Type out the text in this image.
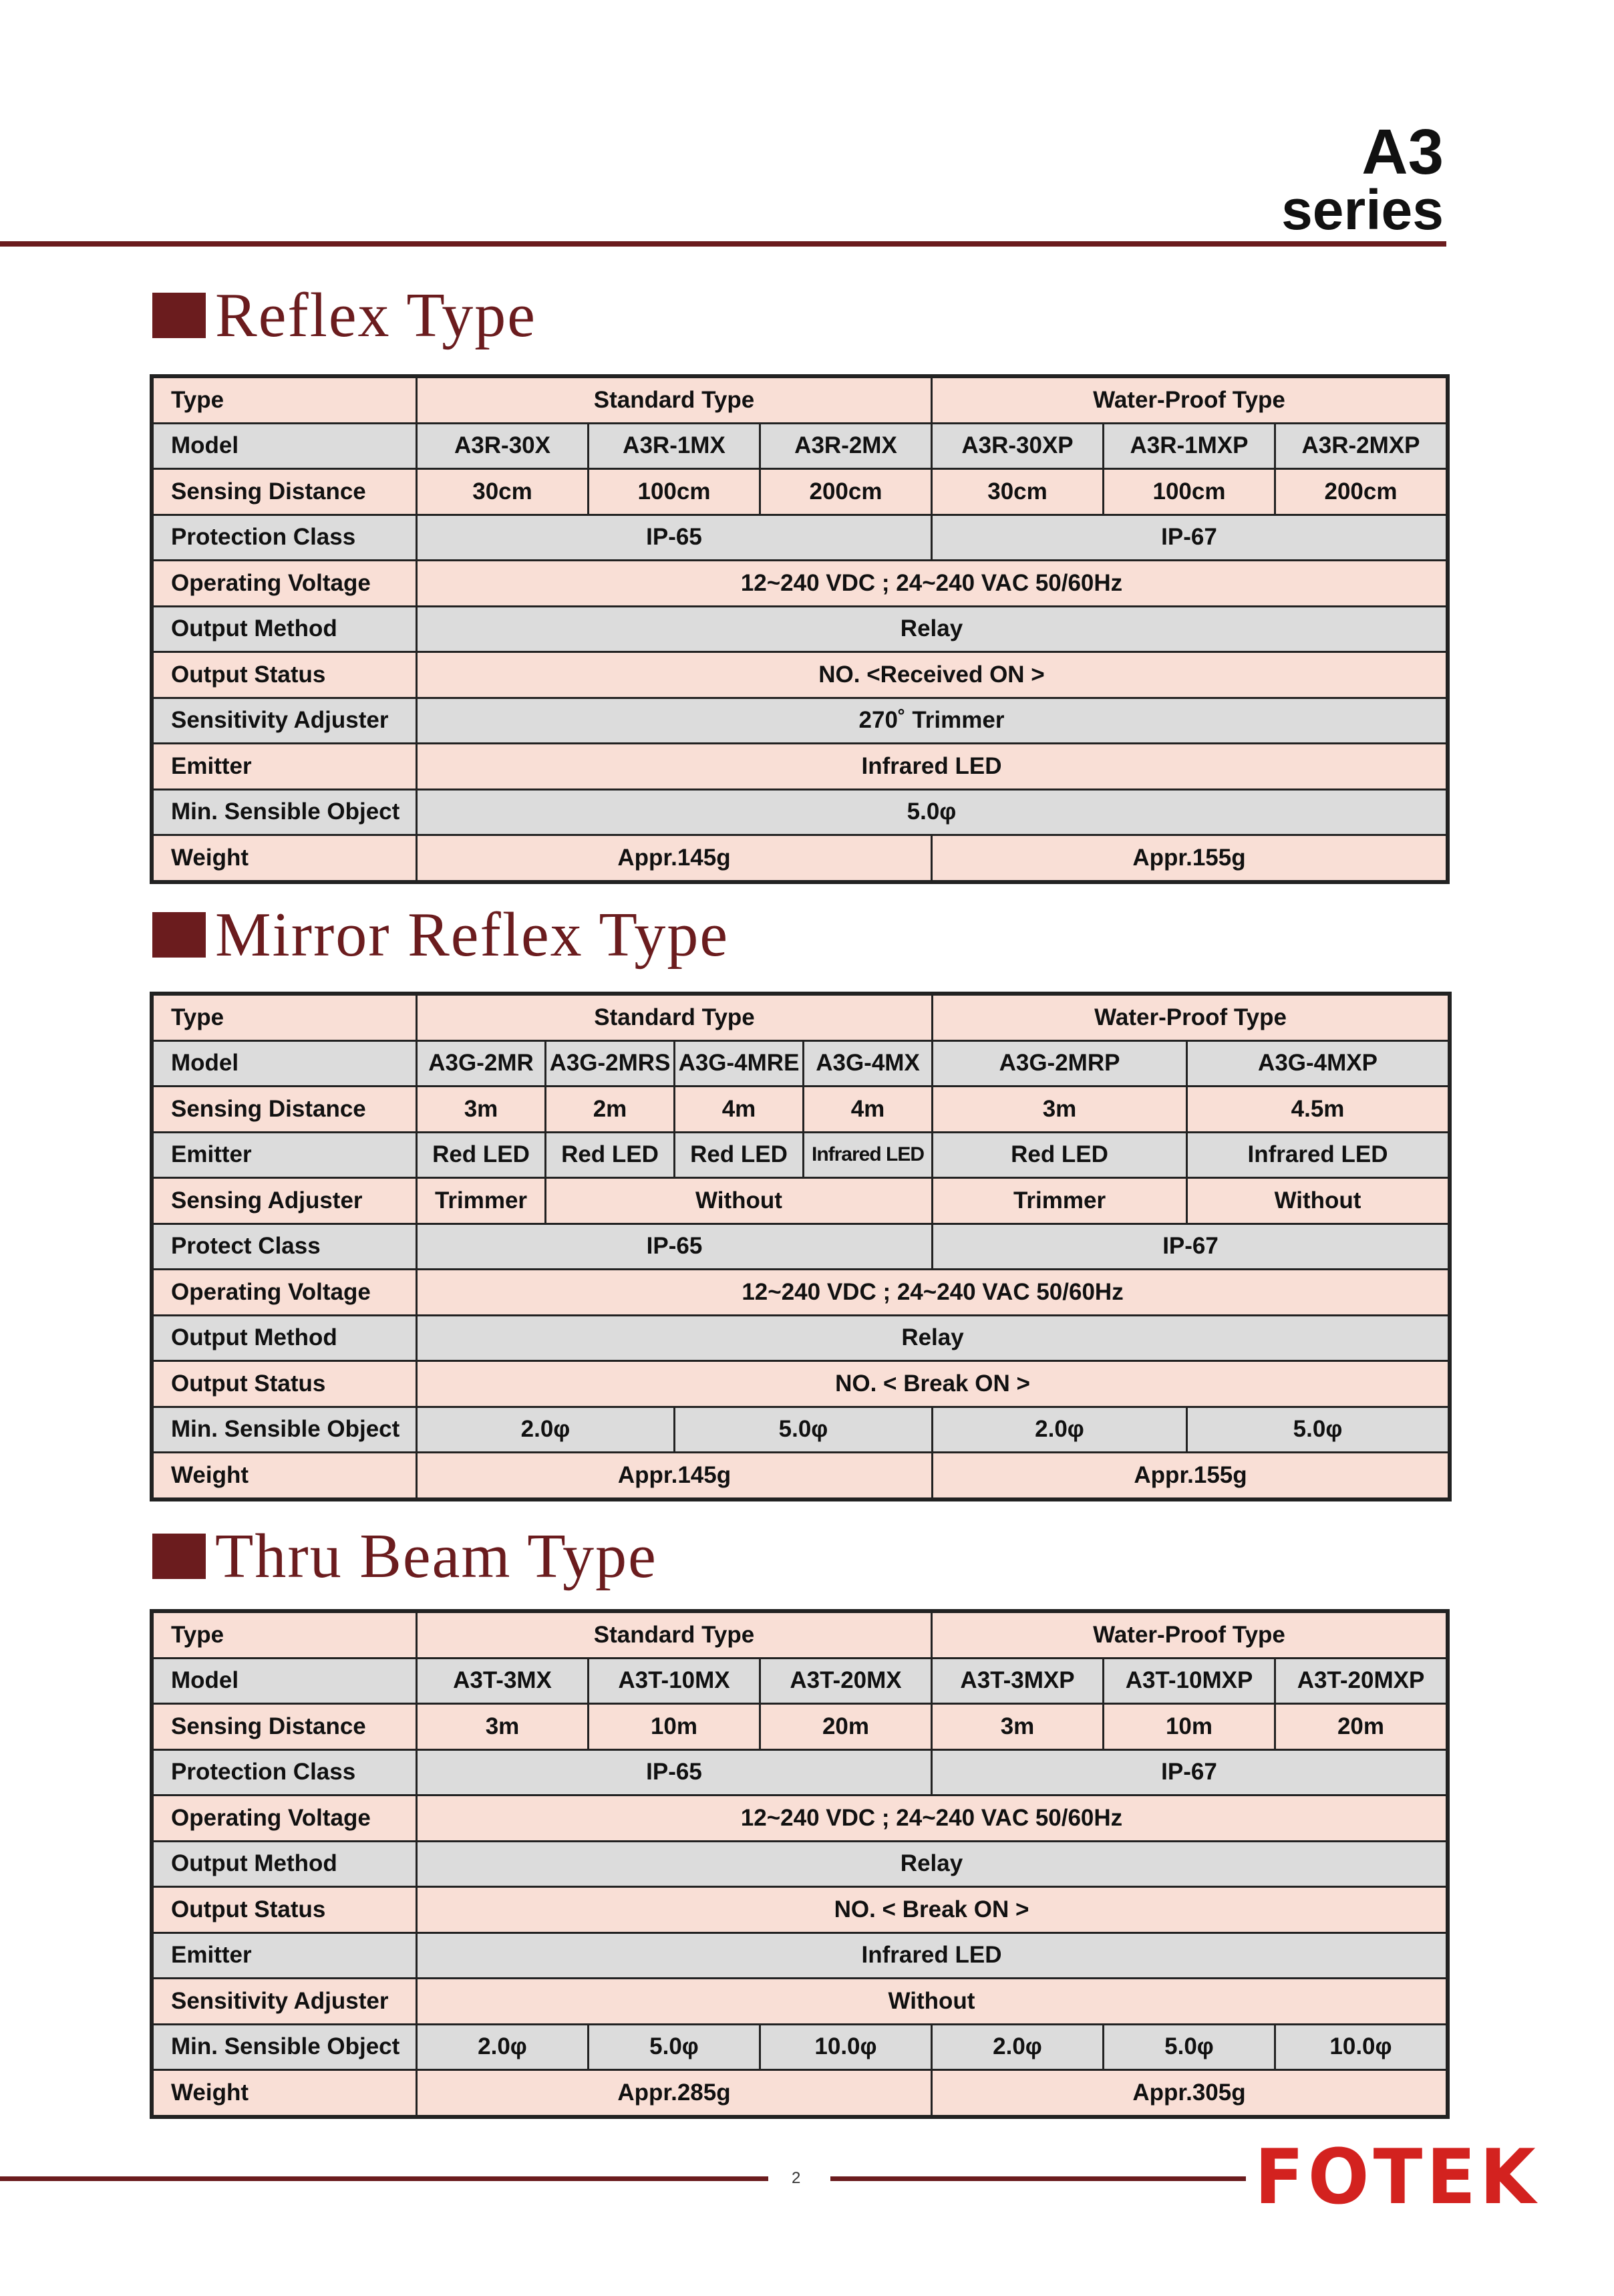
A3
series
Reflex Type
Type	Standard Type			Water-Proof Type		
Model	A3R-30X	A3R-1MX	A3R-2MX	A3R-30XP	A3R-1MXP	A3R-2MXP
Sensing Distance	30cm	100cm	200cm	30cm	100cm	200cm
Protection Class	IP-65			IP-67		
Operating Voltage	12~240 VDC ; 24~240 VAC 50/60Hz					
Output Method	Relay					
Output Status	NO. <Received ON >					
Sensitivity Adjuster	270˚ Trimmer					
Emitter	Infrared LED					
Min. Sensible Object	5.0φ					
Weight	Appr.145g			Appr.155g		
Mirror Reflex Type
Type	Standard Type				Water-Proof Type	
Model	A3G-2MR	A3G-2MRS	A3G-4MRE	A3G-4MX	A3G-2MRP	A3G-4MXP
Sensing Distance	3m	2m	4m	4m	3m	4.5m
Emitter	Red LED	Red LED	Red LED	Infrared LED	Red LED	Infrared LED
Sensing Adjuster	Trimmer	Without			Trimmer	Without
Protect Class	IP-65				IP-67	
Operating Voltage	12~240 VDC ; 24~240 VAC 50/60Hz					
Output Method	Relay					
Output Status	NO. < Break ON >					
Min. Sensible Object	2.0φ		5.0φ		2.0φ	5.0φ
Weight	Appr.145g				Appr.155g	
Thru Beam Type
Type	Standard Type			Water-Proof Type		
Model	A3T-3MX	A3T-10MX	A3T-20MX	A3T-3MXP	A3T-10MXP	A3T-20MXP
Sensing Distance	3m	10m	20m	3m	10m	20m
Protection Class	IP-65			IP-67		
Operating Voltage	12~240 VDC ; 24~240 VAC 50/60Hz					
Output Method	Relay					
Output Status	NO. < Break ON >					
Emitter	Infrared LED					
Sensitivity Adjuster	Without					
Min. Sensible Object	2.0φ	5.0φ	10.0φ	2.0φ	5.0φ	10.0φ
Weight	Appr.285g			Appr.305g		
2	FOTEK
